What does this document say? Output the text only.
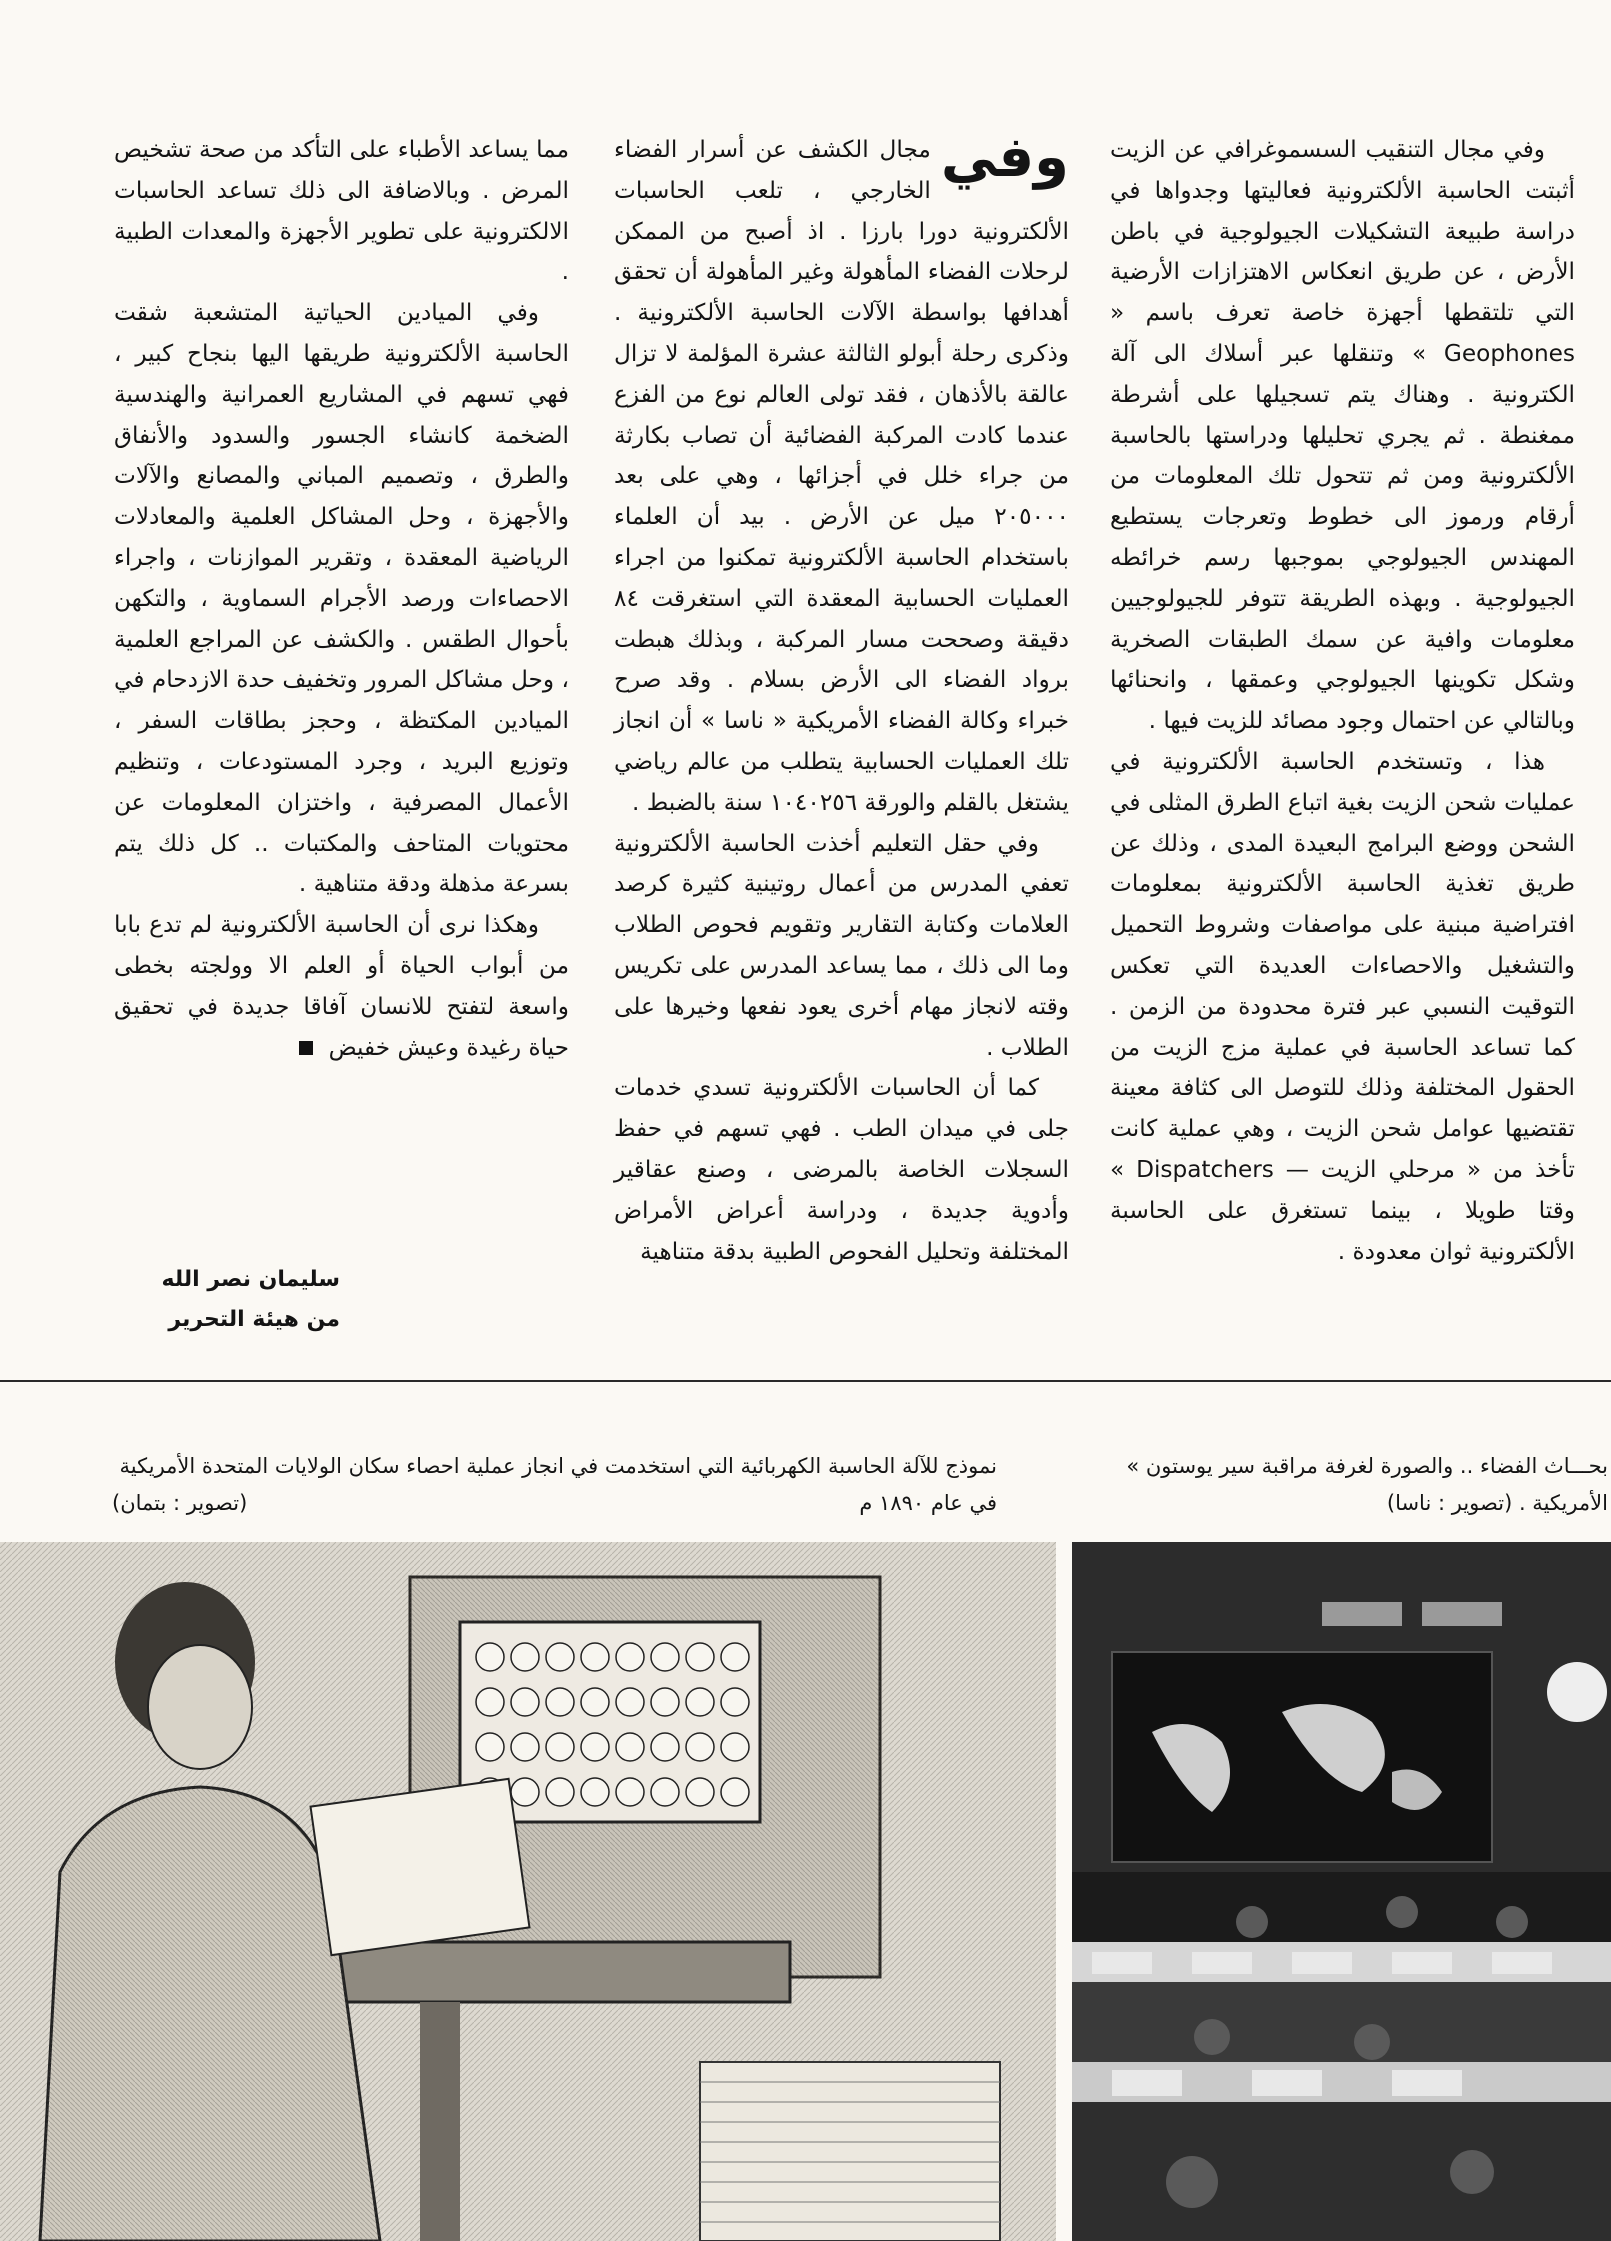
وفي مجال التنقيب السسموغرافي عن الزيت أثبتت الحاسبة الألكترونية فعاليتها وجدواها في دراسة طبيعة التشكيلات الجيولوجية في باطن الأرض ، عن طريق انعكاس الاهتزازات الأرضية التي تلتقطها أجهزة خاصة تعرف باسم « Geophones » وتنقلها عبر أسلاك الى آلة الكترونية . وهناك يتم تسجيلها على أشرطة ممغنطة . ثم يجري تحليلها ودراستها بالحاسبة الألكترونية ومن ثم تتحول تلك المعلومات من أرقام ورموز الى خطوط وتعرجات يستطيع المهندس الجيولوجي بموجبها رسم خرائطه الجيولوجية . وبهذه الطريقة تتوفر للجيولوجيين معلومات وافية عن سمك الطبقات الصخرية وشكل تكوينها الجيولوجي وعمقها ، وانحنائها وبالتالي عن احتمال وجود مصائد للزيت فيها .

هذا ، وتستخدم الحاسبة الألكترونية في عمليات شحن الزيت بغية اتباع الطرق المثلى في الشحن ووضع البرامج البعيدة المدى ، وذلك عن طريق تغذية الحاسبة الألكترونية بمعلومات افتراضية مبنية على مواصفات وشروط التحميل والتشغيل والاحصاءات العديدة التي تعكس التوقيت النسبي عبر فترة محدودة من الزمن . كما تساعد الحاسبة في عملية مزج الزيت من الحقول المختلفة وذلك للتوصل الى كثافة معينة تقتضيها عوامل شحن الزيت ، وهي عملية كانت تأخذ من « مرحلي الزيت — Dispatchers » وقتا طويلا ، بينما تستغرق على الحاسبة الألكترونية ثوان معدودة .

وفي
مجال الكشف عن أسرار الفضاء الخارجي ، تلعب الحاسبات الألكترونية دورا بارزا . اذ أصبح من الممكن لرحلات الفضاء المأهولة وغير المأهولة أن تحقق أهدافها بواسطة الآلات الحاسبة الألكترونية . وذكرى رحلة أبولو الثالثة عشرة المؤلمة لا تزال عالقة بالأذهان ، فقد تولى العالم نوع من الفزع عندما كادت المركبة الفضائية أن تصاب بكارثة من جراء خلل في أجزائها ، وهي على بعد ٢٠٥٠٠٠ ميل عن الأرض . بيد أن العلماء باستخدام الحاسبة الألكترونية تمكنوا من اجراء العمليات الحسابية المعقدة التي استغرقت ٨٤ دقيقة وصححت مسار المركبة ، وبذلك هبطت برواد الفضاء الى الأرض بسلام . وقد صرح خبراء وكالة الفضاء الأمريكية « ناسا » أن انجاز تلك العمليات الحسابية يتطلب من عالم رياضي يشتغل بالقلم والورقة ١٠٤٠٢٥٦ سنة بالضبط .

وفي حقل التعليم أخذت الحاسبة الألكترونية تعفي المدرس من أعمال روتينية كثيرة كرصد العلامات وكتابة التقارير وتقويم فحوص الطلاب وما الى ذلك ، مما يساعد المدرس على تكريس وقته لانجاز مهام أخرى يعود نفعها وخيرها على الطلاب .

كما أن الحاسبات الألكترونية تسدي خدمات جلى في ميدان الطب . فهي تسهم في حفظ السجلات الخاصة بالمرضى ، وصنع عقاقير وأدوية جديدة ، ودراسة أعراض الأمراض المختلفة وتحليل الفحوص الطبية بدقة متناهية

مما يساعد الأطباء على التأكد من صحة تشخيص المرض . وبالاضافة الى ذلك تساعد الحاسبات الالكترونية على تطوير الأجهزة والمعدات الطبية .

وفي الميادين الحياتية المتشعبة شقت الحاسبة الألكترونية طريقها اليها بنجاح كبير ، فهي تسهم في المشاريع العمرانية والهندسية الضخمة كانشاء الجسور والسدود والأنفاق والطرق ، وتصميم المباني والمصانع والآلات والأجهزة ، وحل المشاكل العلمية والمعادلات الرياضية المعقدة ، وتقرير الموازنات ، واجراء الاحصاءات ورصد الأجرام السماوية ، والتكهن بأحوال الطقس . والكشف عن المراجع العلمية ، وحل مشاكل المرور وتخفيف حدة الازدحام في الميادين المكتظة ، وحجز بطاقات السفر ، وتوزيع البريد ، وجرد المستودعات ، وتنظيم الأعمال المصرفية ، واختزان المعلومات عن محتويات المتاحف والمكتبات .. كل ذلك يتم بسرعة مذهلة ودقة متناهية .

وهكذا نرى أن الحاسبة الألكترونية لم تدع بابا من أبواب الحياة أو العلم الا وولجته بخطى واسعة لتفتح للانسان آفاقا جديدة في تحقيق حياة رغيدة وعيش خفيض

سليمان نصر الله
من هيئة التحرير
نموذج للآلة الحاسبة الكهربائية التي استخدمت في انجاز عملية احصاء سكان الولايات المتحدة الأمريكية في عام ١٨٩٠ م
(تصوير : بتمان)
بحـــاث الفضاء .. والصورة لغرفة مراقبة سير يوستون » الأمريكية . (تصوير : ناسا)
